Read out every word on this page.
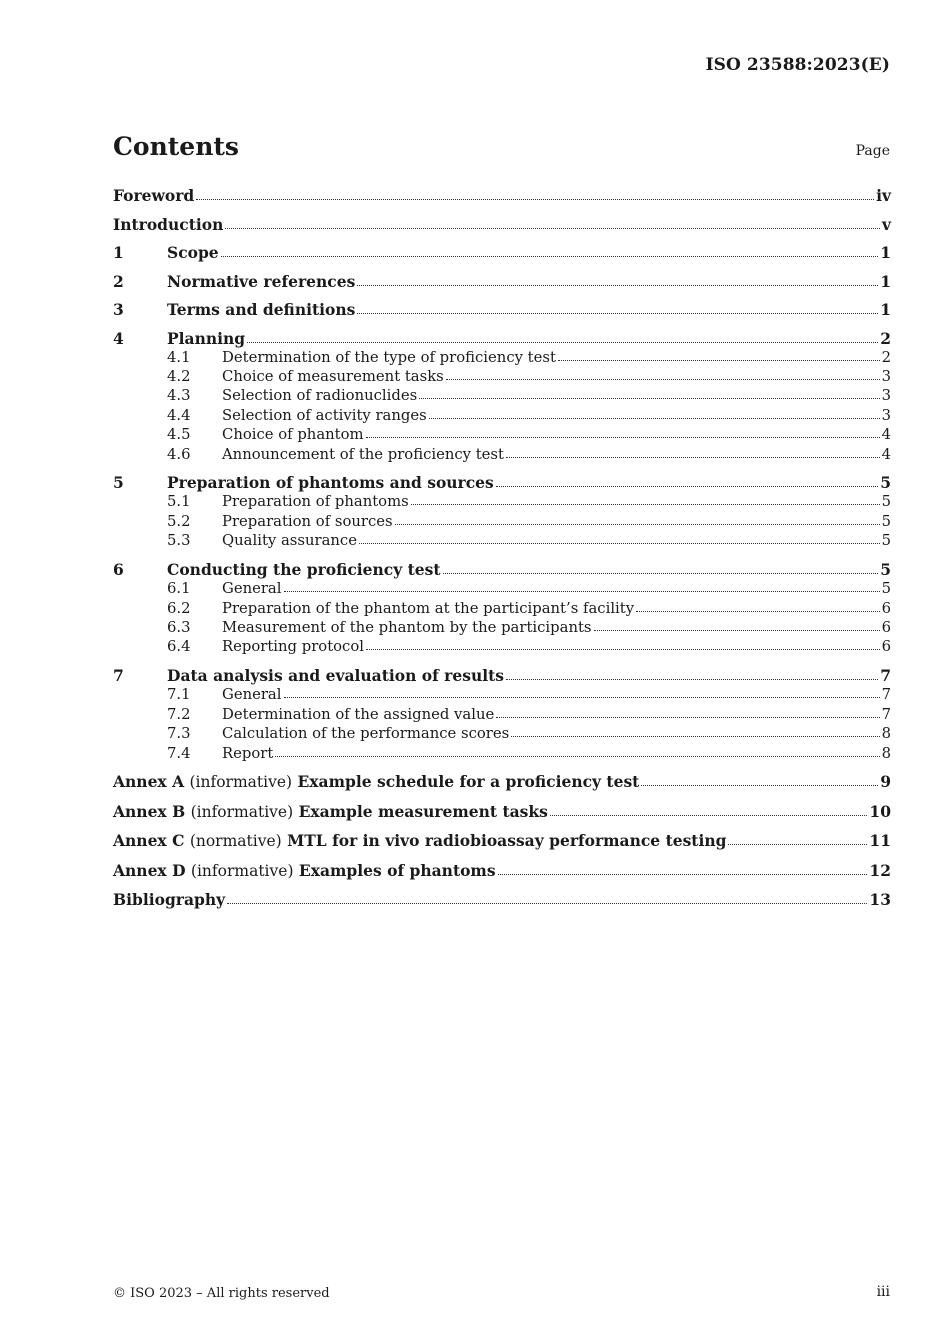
ISO 23588:2023(E)
Contents	Page
Foreword	iv
Introduction	v
1	Scope	1
2	Normative references	1
3	Terms and definitions	1
4	Planning	2
4.1	Determination of the type of proficiency test	2
4.2	Choice of measurement tasks	3
4.3	Selection of radionuclides	3
4.4	Selection of activity ranges	3
4.5	Choice of phantom	4
4.6	Announcement of the proficiency test	4
5	Preparation of phantoms and sources	5
5.1	Preparation of phantoms	5
5.2	Preparation of sources	5
5.3	Quality assurance	5
6	Conducting the proficiency test	5
6.1	General	5
6.2	Preparation of the phantom at the participant’s facility	6
6.3	Measurement of the phantom by the participants	6
6.4	Reporting protocol	6
7	Data analysis and evaluation of results	7
7.1	General	7
7.2	Determination of the assigned value	7
7.3	Calculation of the performance scores	8
7.4	Report	8
Annex A (informative) Example schedule for a proficiency test	9
Annex B (informative) Example measurement tasks	10
Annex C (normative) MTL for in vivo radiobioassay performance testing	11
Annex D (informative) Examples of phantoms	12
Bibliography	13
© ISO 2023 – All rights reserved	iii
